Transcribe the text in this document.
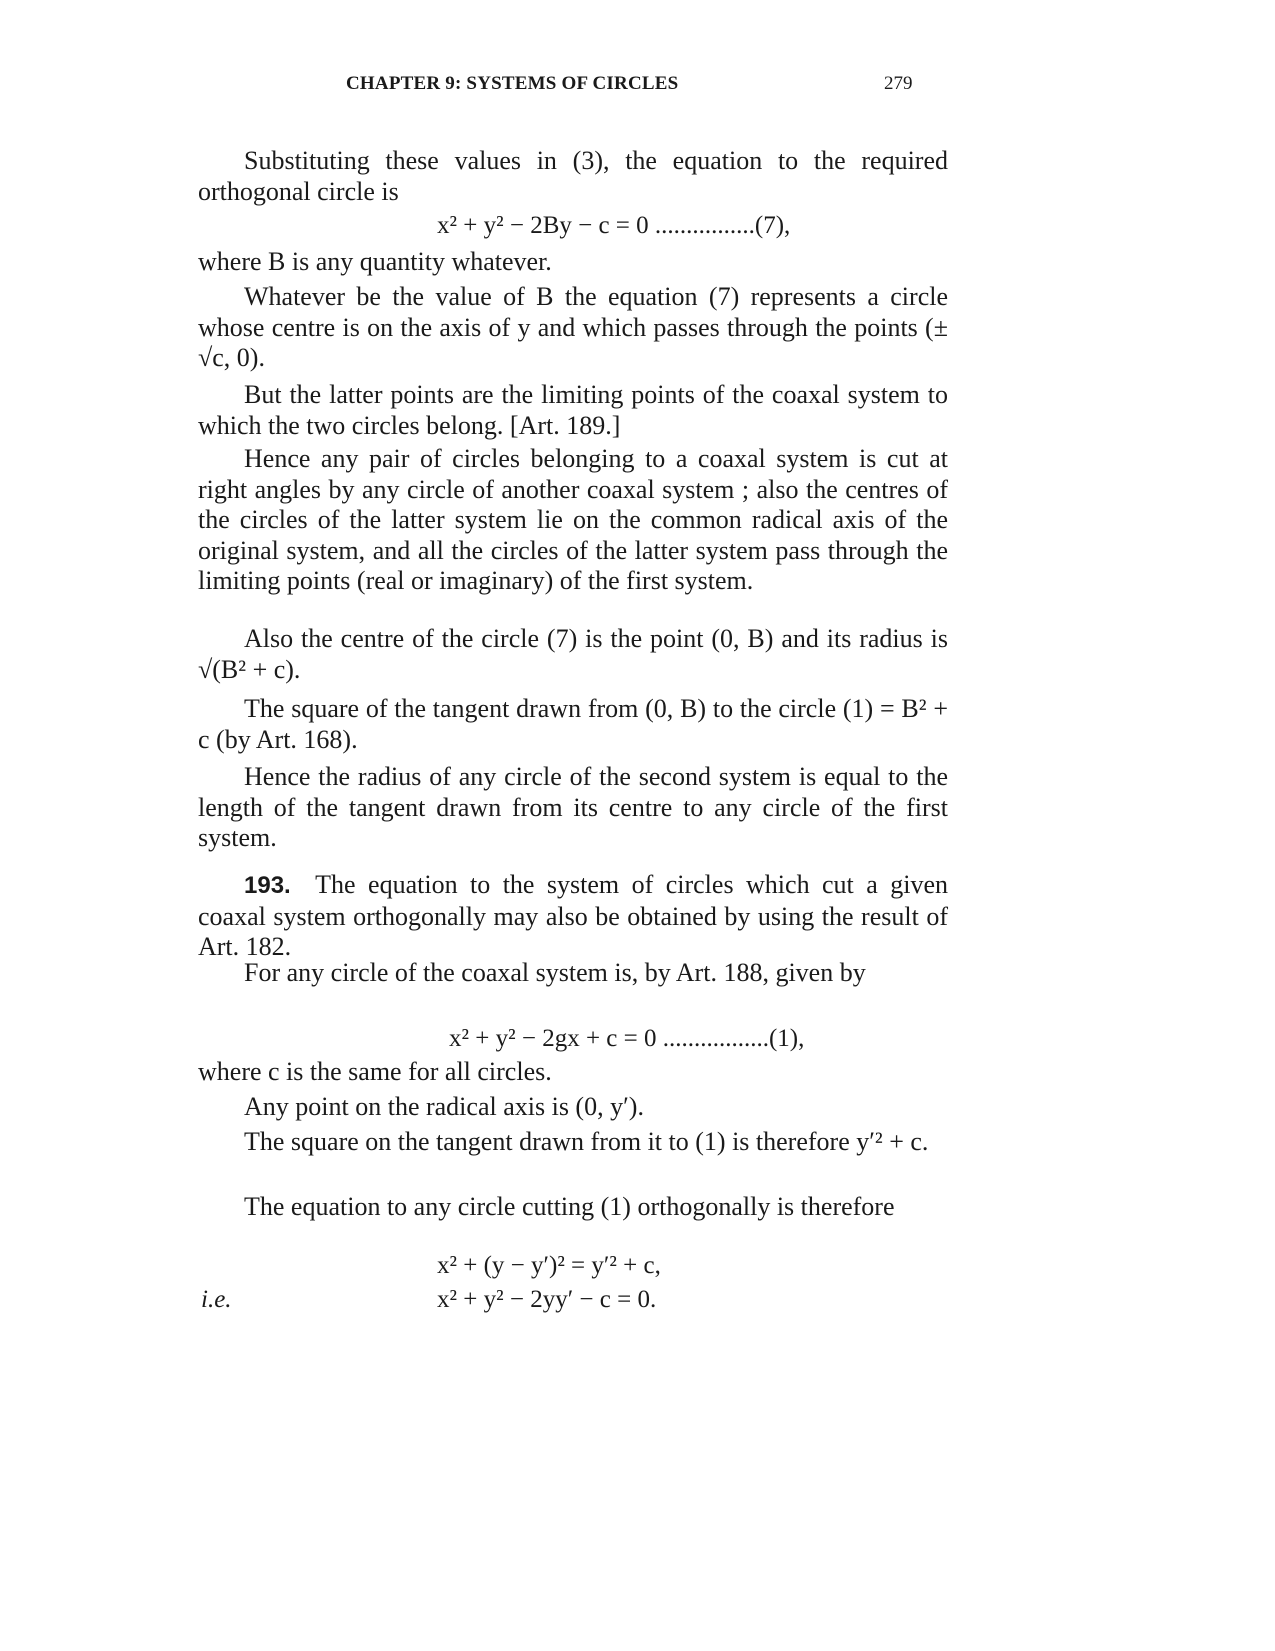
CHAPTER 9: SYSTEMS OF CIRCLES	279

Substituting these values in (3), the equation to the required orthogonal circle is

x² + y² − 2By − c = 0 ................(7),

where B is any quantity whatever.

Whatever be the value of B the equation (7) represents a circle whose centre is on the axis of y and which passes through the points (± √c, 0).

But the latter points are the limiting points of the coaxal system to which the two circles belong. [Art. 189.]

Hence any pair of circles belonging to a coaxal system is cut at right angles by any circle of another coaxal system ; also the centres of the circles of the latter system lie on the common radical axis of the original system, and all the circles of the latter system pass through the limiting points (real or imaginary) of the first system.

Also the centre of the circle (7) is the point (0, B) and its radius is √(B² + c).

The square of the tangent drawn from (0, B) to the circle (1) = B² + c (by Art. 168).

Hence the radius of any circle of the second system is equal to the length of the tangent drawn from its centre to any circle of the first system.

193. The equation to the system of circles which cut a given coaxal system orthogonally may also be obtained by using the result of Art. 182.

For any circle of the coaxal system is, by Art. 188, given by

x² + y² − 2gx + c = 0 .................(1),

where c is the same for all circles.

Any point on the radical axis is (0, y′).

The square on the tangent drawn from it to (1) is therefore y′² + c.

The equation to any circle cutting (1) orthogonally is therefore

x² + (y − y′)² = y′² + c,
i.e.	x² + y² − 2yy′ − c = 0.
